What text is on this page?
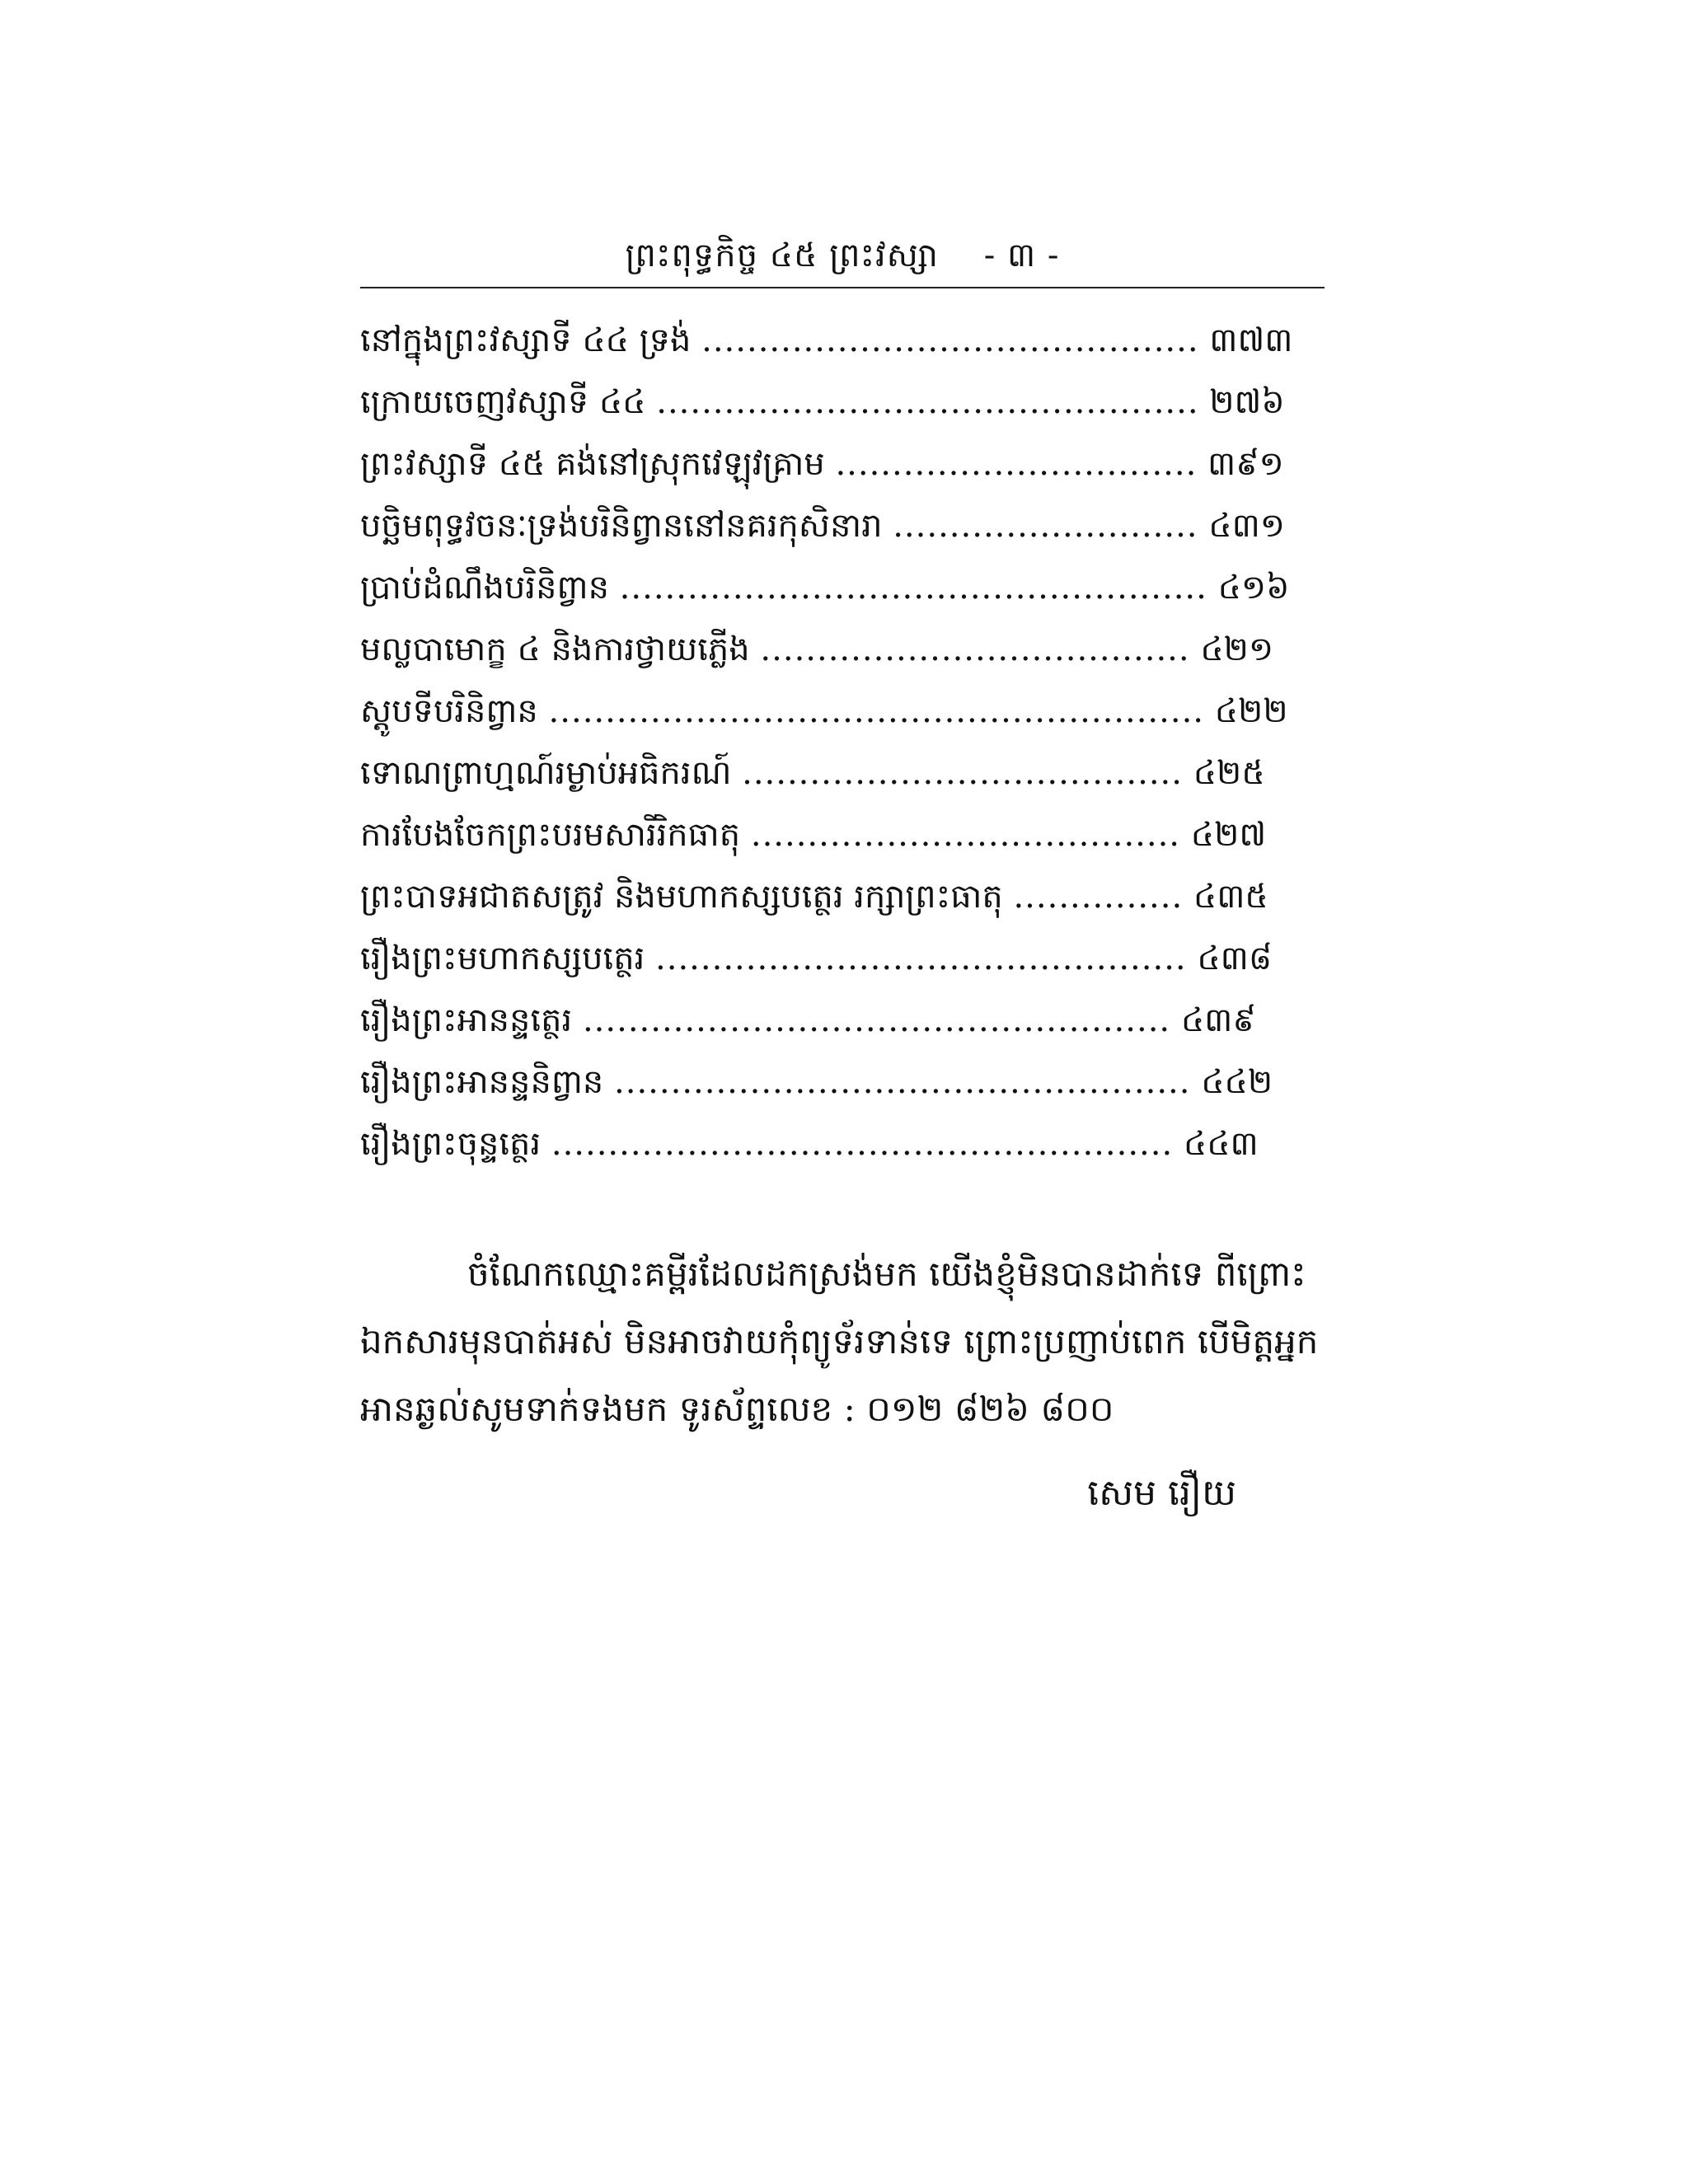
ព្រះពុទ្ធកិច្ច ៤៥ ព្រះវស្សា - ៣ -
នៅក្នុងព្រះវស្សាទី ៤៤ ទ្រង់ ............................................ ៣៧៣
ក្រោយចេញវស្សាទី ៤៤ ................................................ ២៧៦
ព្រះវស្សាទី ៤៥ គង់នៅស្រុកវេឡុវគ្រាម ................................ ៣៩១
បច្ឆិមពុទ្ធវចនៈទ្រង់បរិនិព្វាននៅនគរកុសិនារា ........................... ៤៣១
ប្រាប់ដំណឹងបរិនិព្វាន .................................................... ៤១៦
មល្លបាមោក្ខ ៤ និងការថ្វាយភ្លើង ...................................... ៤២១
ស្តូបទីបរិនិព្វាន .......................................................... ៤២២
ទោណព្រាហ្មណ៍រម្ងាប់អធិករណ៍ ....................................... ៤២៥
ការបែងចែកព្រះបរមសារីរិកធាតុ ...................................... ៤២៧
ព្រះបាទអជាតសត្រូវ និងមហាកស្សបត្ថេរ រក្សាព្រះធាតុ ............... ៤៣៥
រឿងព្រះមហាកស្សបត្ថេរ ............................................... ៤៣៨
រឿងព្រះអានន្ទត្ថេរ .................................................... ៤៣៩
រឿងព្រះអានន្ទនិព្វាន ................................................... ៤៤២
រឿងព្រះចុន្ទត្ថេរ ....................................................... ៤៤៣

ចំណែកឈ្មោះគម្ពីរដែលដកស្រង់មក យើងខ្ញុំមិនបានដាក់ទេ ពីព្រោះ

ឯកសារមុនបាត់អស់ មិនអាចវាយកុំព្យូទ័រទាន់ទេ ព្រោះប្រញាប់ពេក បើមិត្តអ្នក

អានឆ្ងល់សូមទាក់ទងមក ទូរស័ព្ទលេខ : ០១២ ៨២៦ ៨០០

សេម រឿយ
